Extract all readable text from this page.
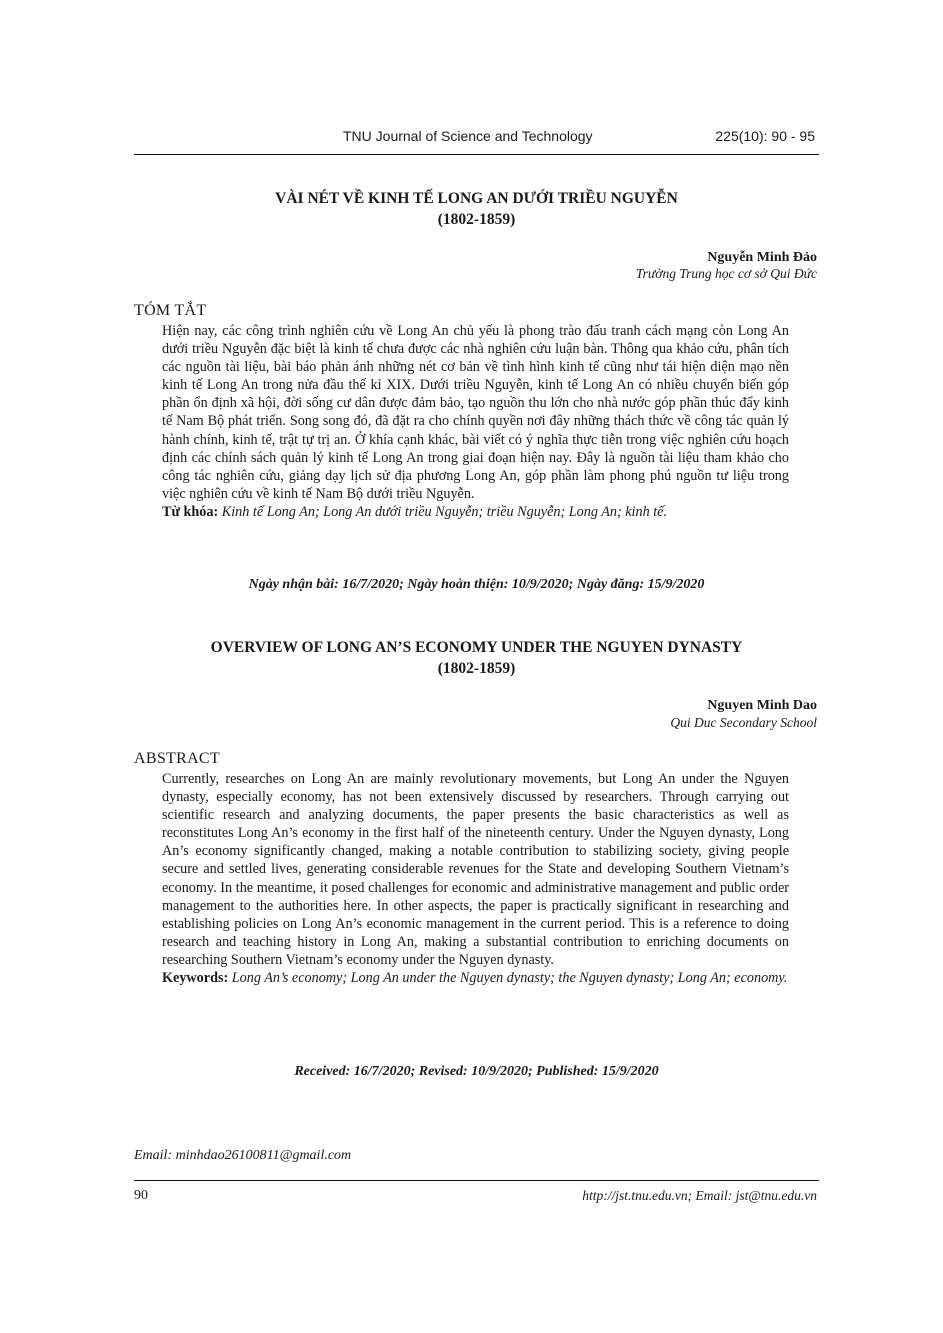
TNU Journal of Science and Technology	225(10): 90 - 95
VÀI NÉT VỀ KINH TẾ LONG AN DƯỚI TRIỀU NGUYỄN
(1802-1859)
Nguyễn Minh Đảo
Trường Trung học cơ sở Qui Đức
TÓM TẮT
Hiện nay, các công trình nghiên cứu về Long An chủ yếu là phong trào đấu tranh cách mạng còn Long An dưới triều Nguyễn đặc biệt là kinh tế chưa được các nhà nghiên cứu luận bàn. Thông qua khảo cứu, phân tích các nguồn tài liệu, bài báo phản ánh những nét cơ bản về tình hình kinh tế cũng như tái hiện diện mạo nền kinh tế Long An trong nửa đầu thế kỉ XIX. Dưới triều Nguyễn, kinh tế Long An có nhiều chuyển biến góp phần ổn định xã hội, đời sống cư dân được đảm bảo, tạo nguồn thu lớn cho nhà nước góp phần thúc đẩy kinh tế Nam Bộ phát triển. Song song đó, đã đặt ra cho chính quyền nơi đây những thách thức về công tác quản lý hành chính, kinh tế, trật tự trị an. Ở khía cạnh khác, bài viết có ý nghĩa thực tiễn trong việc nghiên cứu hoạch định các chính sách quản lý kinh tế Long An trong giai đoạn hiện nay. Đây là nguồn tài liệu tham khảo cho công tác nghiên cứu, giảng dạy lịch sử địa phương Long An, góp phần làm phong phú nguồn tư liệu trong việc nghiên cứu về kinh tế Nam Bộ dưới triều Nguyễn.
Từ khóa: Kinh tế Long An; Long An dưới triều Nguyễn; triều Nguyễn; Long An; kinh tế.
Ngày nhận bài: 16/7/2020; Ngày hoàn thiện: 10/9/2020; Ngày đăng: 15/9/2020
OVERVIEW OF LONG AN’S ECONOMY UNDER THE NGUYEN DYNASTY
(1802-1859)
Nguyen Minh Dao
Qui Duc Secondary School
ABSTRACT
Currently, researches on Long An are mainly revolutionary movements, but Long An under the Nguyen dynasty, especially economy, has not been extensively discussed by researchers. Through carrying out scientific research and analyzing documents, the paper presents the basic characteristics as well as reconstitutes Long An’s economy in the first half of the nineteenth century. Under the Nguyen dynasty, Long An’s economy significantly changed, making a notable contribution to stabilizing society, giving people secure and settled lives, generating considerable revenues for the State and developing Southern Vietnam’s economy. In the meantime, it posed challenges for economic and administrative management and public order management to the authorities here. In other aspects, the paper is practically significant in researching and establishing policies on Long An’s economic management in the current period. This is a reference to doing research and teaching history in Long An, making a substantial contribution to enriching documents on researching Southern Vietnam’s economy under the Nguyen dynasty.
Keywords: Long An’s economy; Long An under the Nguyen dynasty; the Nguyen dynasty; Long An; economy.
Received: 16/7/2020; Revised: 10/9/2020; Published: 15/9/2020
Email: minhdao26100811@gmail.com
90	http://jst.tnu.edu.vn; Email: jst@tnu.edu.vn
